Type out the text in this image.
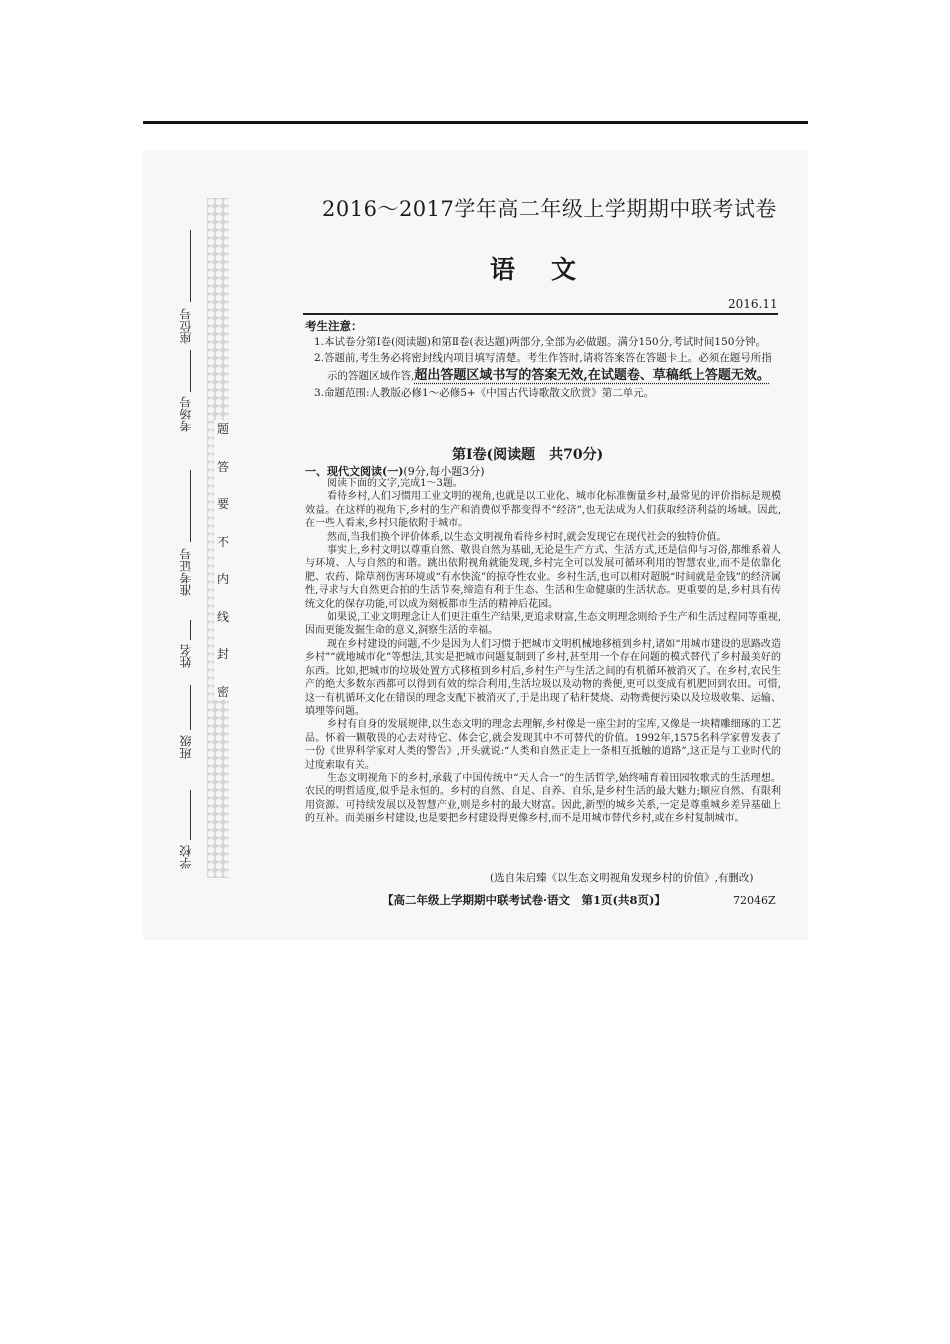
题
答
要
不
内
线
封
密
座位号
考场号
准考证号
姓名
班级
学校
2016～2017学年高二年级上学期期中联考试卷
语文
2016.11
考生注意：

1.本试卷分第Ⅰ卷(阅读题)和第Ⅱ卷(表达题)两部分,全部为必做题。满分150分,考试时间150分钟。

2.答题前,考生务必将密封线内项目填写清楚。考生作答时,请将答案答在答题卡上。必须在题号所指示的答题区域作答,超出答题区域书写的答案无效,在试题卷、草稿纸上答题无效。

3.命题范围:人教版必修1～必修5+《中国古代诗歌散文欣赏》第二单元。

第Ⅰ卷(阅读题　共70分)
一、现代文阅读(一)(9分,每小题3分)

阅读下面的文字,完成1～3题。

看待乡村,人们习惯用工业文明的视角,也就是以工业化、城市化标准衡量乡村,最常见的评价指标是规模效益。在这样的视角下,乡村的生产和消费似乎都变得不“经济”,也无法成为人们获取经济利益的场域。因此,在一些人看来,乡村只能依附于城市。

然而,当我们换个评价体系,以生态文明视角看待乡村时,就会发现它在现代社会的独特价值。

事实上,乡村文明以尊重自然、敬畏自然为基础,无论是生产方式、生活方式,还是信仰与习俗,都维系着人与环境、人与自然的和谐。跳出依附视角就能发现,乡村完全可以发展可循环利用的智慧农业,而不是依靠化肥、农药、除草剂伤害环境或“有水快流”的掠夺性农业。乡村生活,也可以相对超脱“时间就是金钱”的经济属性,寻求与大自然更合拍的生活节奏,缔造有利于生态、生活和生命健康的生活状态。更重要的是,乡村具有传统文化的保存功能,可以成为刻板都市生活的精神后花园。

如果说,工业文明理念让人们更注重生产结果,更追求财富,生态文明理念则给予生产和生活过程同等重视,因而更能发掘生命的意义,洞察生活的幸福。

现在乡村建设的问题,不少是因为人们习惯于把城市文明机械地移植到乡村,诸如“用城市建设的思路改造乡村”“就地城市化”等想法,其实是把城市问题复制到了乡村,甚至用一个存在问题的模式替代了乡村最美好的东西。比如,把城市的垃圾处置方式移植到乡村后,乡村生产与生活之间的有机循环被消灭了。在乡村,农民生产的绝大多数东西都可以得到有效的综合利用,生活垃圾以及动物的粪便,更可以变成有机肥回到农田。可惜,这一有机循环文化在错误的理念支配下被消灭了,于是出现了秸秆焚烧、动物粪便污染以及垃圾收集、运输、填埋等问题。

乡村有自身的发展规律,以生态文明的理念去理解,乡村像是一座尘封的宝库,又像是一块精雕细琢的工艺品。怀着一颗敬畏的心去对待它、体会它,就会发现其中不可替代的价值。1992年,1575名科学家曾发表了一份《世界科学家对人类的警告》,开头就说:“人类和自然正走上一条相互抵触的道路”,这正是与工业时代的过度索取有关。

生态文明视角下的乡村,承载了中国传统中“天人合一”的生活哲学,始终哺育着田园牧歌式的生活理想。农民的明哲适度,似乎是永恒的。乡村的自然、自足、自养、自乐,是乡村生活的最大魅力;顺应自然、有限利用资源、可持续发展以及智慧产业,则是乡村的最大财富。因此,新型的城乡关系,一定是尊重城乡差异基础上的互补。而美丽乡村建设,也是要把乡村建设得更像乡村,而不是用城市替代乡村,或在乡村复制城市。

(选自朱启臻《以生态文明视角发现乡村的价值》,有删改)
【高二年级上学期期中联考试卷·语文　第1页(共8页)】	72046Z
